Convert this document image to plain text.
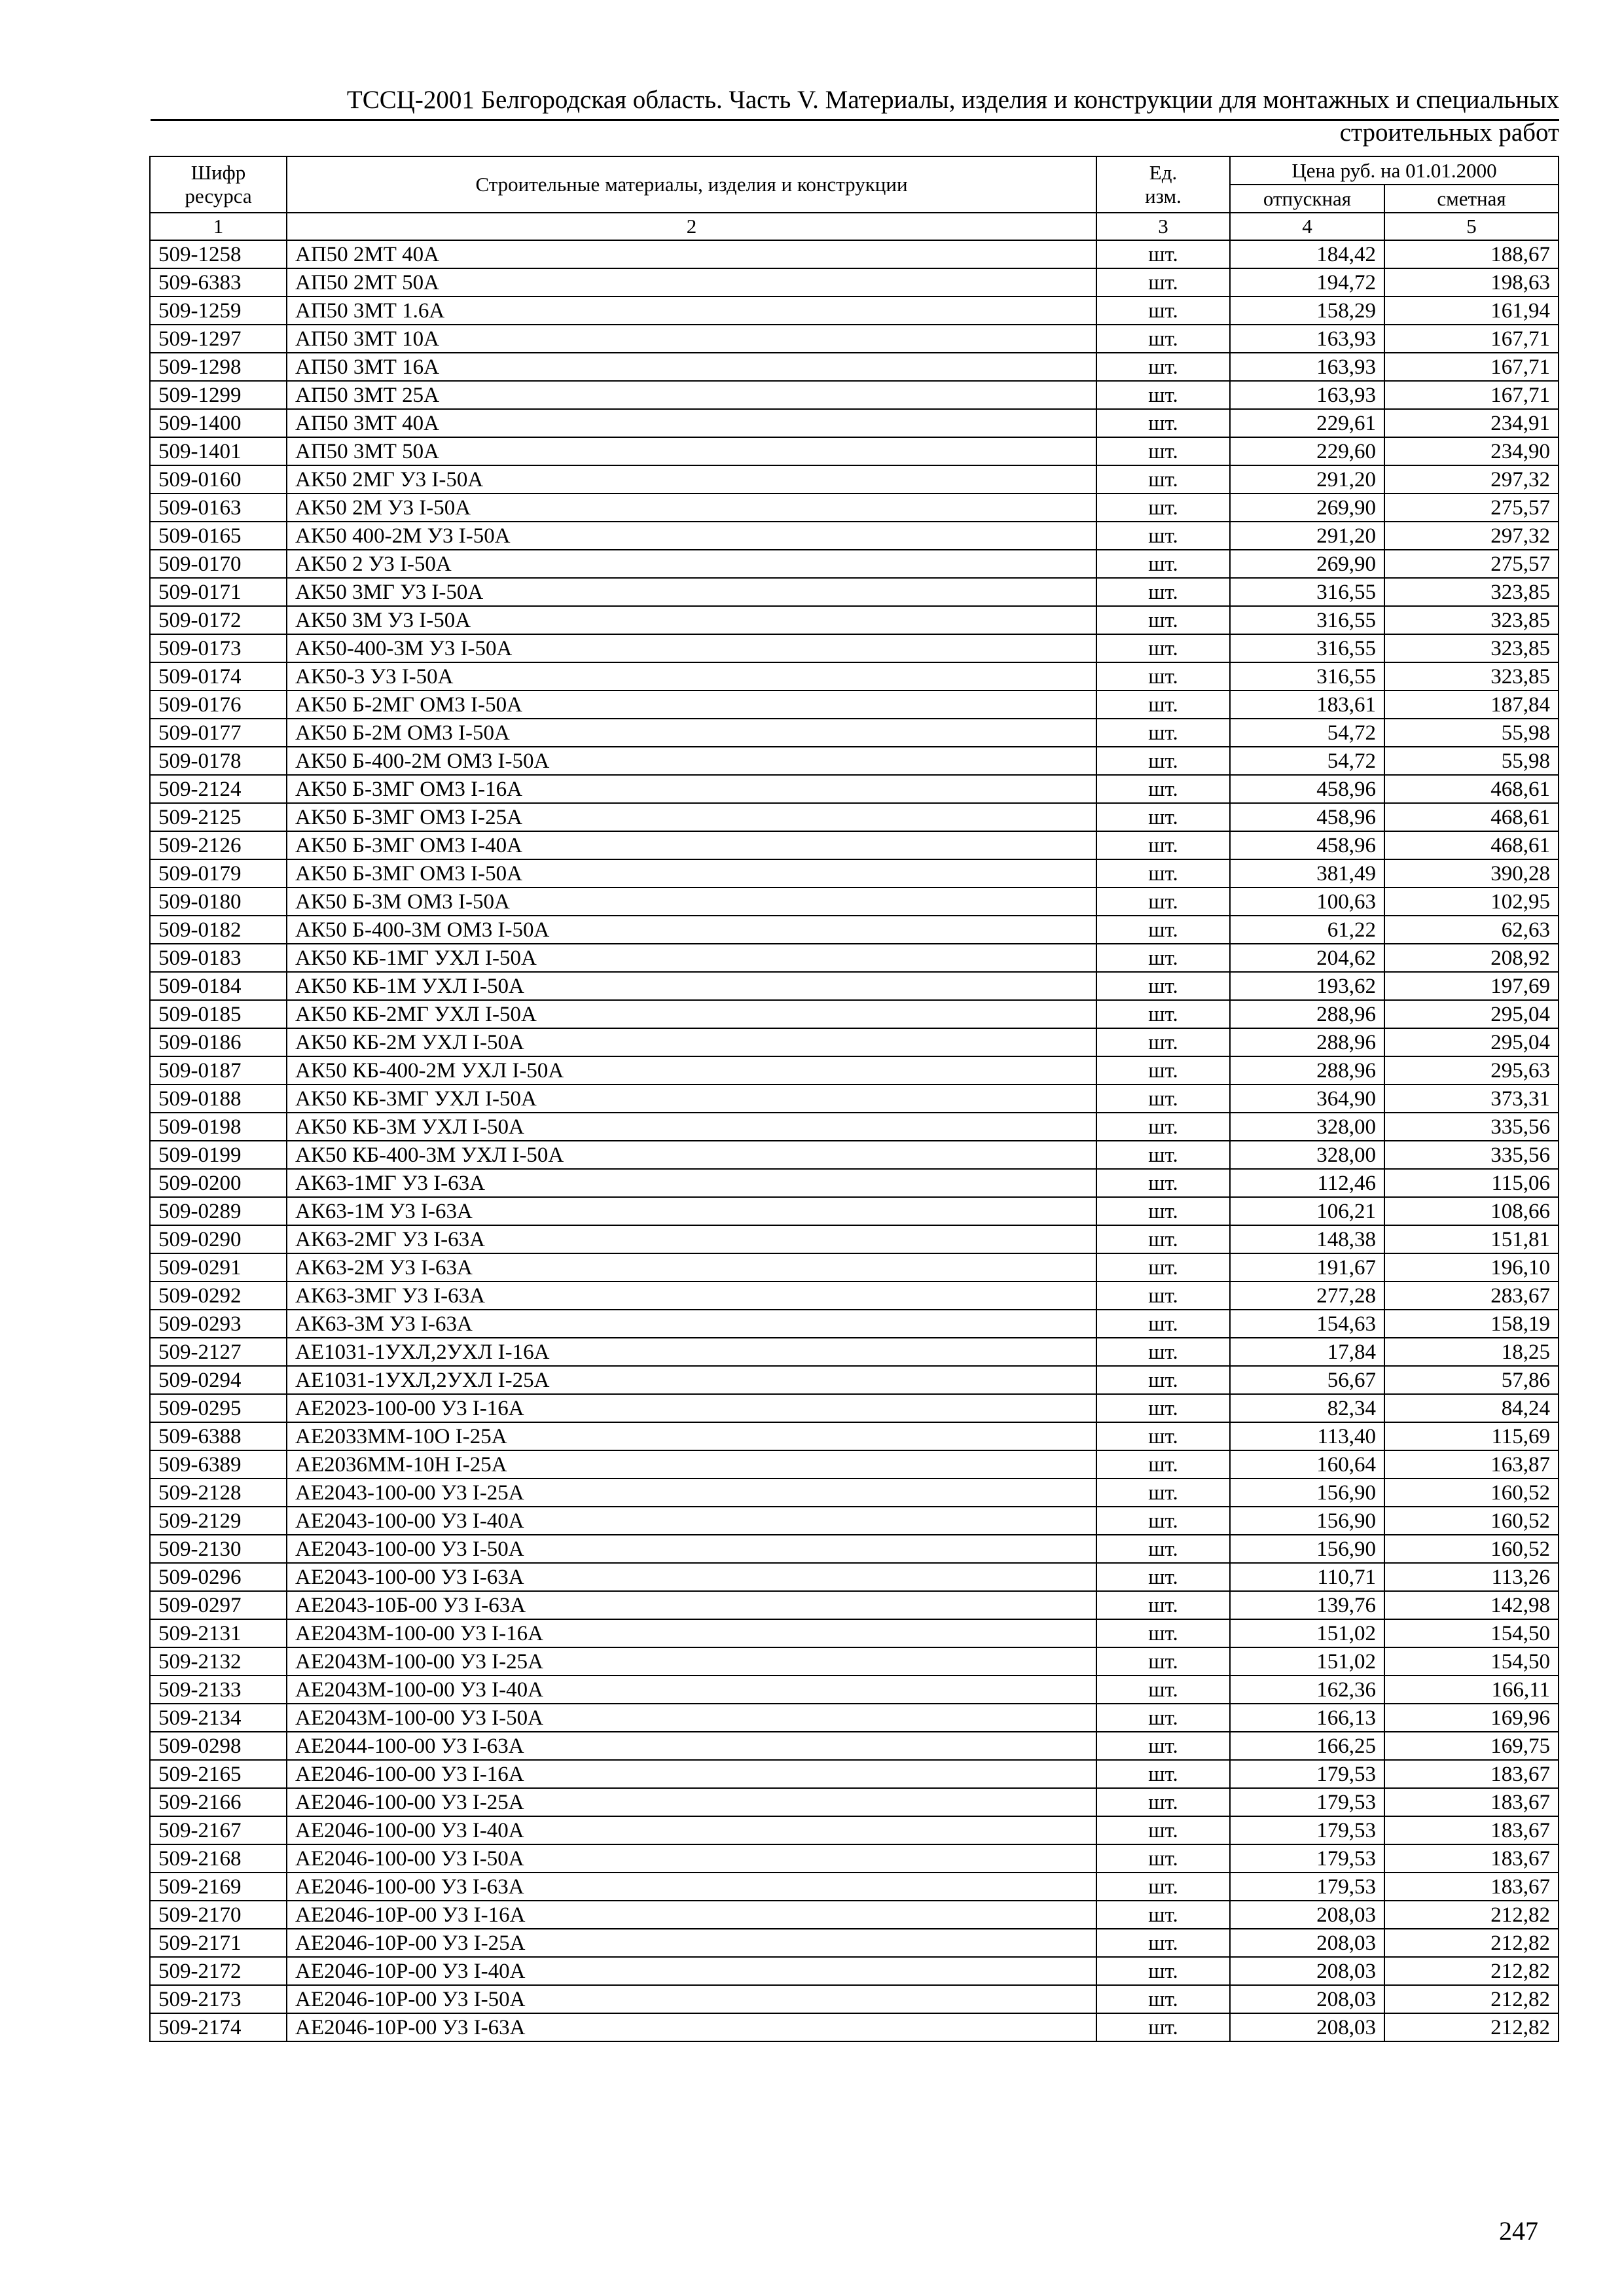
ТССЦ-2001 Белгородская область. Часть V. Материалы, изделия и конструкции для монтажных и специальных
строительных работ
Шифр ресурса	Строительные материалы, изделия и конструкции	Ед. изм.	Цена руб. на 01.01.2000	
			отпускная	сметная
1	2	3	4	5
509-1258	АП50 2МТ 40А	шт.	184,42	188,67
509-6383	АП50 2МТ 50А	шт.	194,72	198,63
509-1259	АП50 3МТ 1.6А	шт.	158,29	161,94
509-1297	АП50 3МТ 10А	шт.	163,93	167,71
509-1298	АП50 3МТ 16А	шт.	163,93	167,71
509-1299	АП50 3МТ 25А	шт.	163,93	167,71
509-1400	АП50 3МТ 40А	шт.	229,61	234,91
509-1401	АП50 3МТ 50А	шт.	229,60	234,90
509-0160	АК50 2МГ У3 I-50А	шт.	291,20	297,32
509-0163	АК50 2М У3 I-50А	шт.	269,90	275,57
509-0165	АК50 400-2М У3 I-50А	шт.	291,20	297,32
509-0170	АК50 2 У3 I-50А	шт.	269,90	275,57
509-0171	АК50 3МГ У3 I-50А	шт.	316,55	323,85
509-0172	АК50 3М У3 I-50А	шт.	316,55	323,85
509-0173	АК50-400-3М У3 I-50А	шт.	316,55	323,85
509-0174	АК50-3 У3 I-50А	шт.	316,55	323,85
509-0176	АК50 Б-2МГ ОМ3 I-50А	шт.	183,61	187,84
509-0177	АК50 Б-2М ОМ3 I-50А	шт.	54,72	55,98
509-0178	АК50 Б-400-2М ОМ3 I-50А	шт.	54,72	55,98
509-2124	АК50 Б-3МГ ОМ3 I-16А	шт.	458,96	468,61
509-2125	АК50 Б-3МГ ОМ3 I-25А	шт.	458,96	468,61
509-2126	АК50 Б-3МГ ОМ3 I-40А	шт.	458,96	468,61
509-0179	АК50 Б-3МГ ОМ3 I-50А	шт.	381,49	390,28
509-0180	АК50 Б-3М ОМ3 I-50А	шт.	100,63	102,95
509-0182	АК50 Б-400-3М ОМ3 I-50А	шт.	61,22	62,63
509-0183	АК50 КБ-1МГ УХЛ I-50А	шт.	204,62	208,92
509-0184	АК50 КБ-1М УХЛ I-50А	шт.	193,62	197,69
509-0185	АК50 КБ-2МГ УХЛ I-50А	шт.	288,96	295,04
509-0186	АК50 КБ-2М УХЛ I-50А	шт.	288,96	295,04
509-0187	АК50 КБ-400-2М УХЛ I-50А	шт.	288,96	295,63
509-0188	АК50 КБ-3МГ УХЛ I-50А	шт.	364,90	373,31
509-0198	АК50 КБ-3М УХЛ I-50А	шт.	328,00	335,56
509-0199	АК50 КБ-400-3М УХЛ I-50А	шт.	328,00	335,56
509-0200	АК63-1МГ У3 I-63А	шт.	112,46	115,06
509-0289	АК63-1М У3 I-63А	шт.	106,21	108,66
509-0290	АК63-2МГ У3 I-63А	шт.	148,38	151,81
509-0291	АК63-2М У3 I-63А	шт.	191,67	196,10
509-0292	АК63-3МГ У3 I-63А	шт.	277,28	283,67
509-0293	АК63-3М У3 I-63А	шт.	154,63	158,19
509-2127	АЕ1031-1УХЛ,2УХЛ I-16А	шт.	17,84	18,25
509-0294	АЕ1031-1УХЛ,2УХЛ I-25А	шт.	56,67	57,86
509-0295	АЕ2023-100-00 У3 I-16А	шт.	82,34	84,24
509-6388	АЕ2033ММ-10О I-25А	шт.	113,40	115,69
509-6389	АЕ2036ММ-10Н I-25А	шт.	160,64	163,87
509-2128	АЕ2043-100-00 У3 I-25А	шт.	156,90	160,52
509-2129	АЕ2043-100-00 У3 I-40А	шт.	156,90	160,52
509-2130	АЕ2043-100-00 У3 I-50А	шт.	156,90	160,52
509-0296	АЕ2043-100-00 У3 I-63А	шт.	110,71	113,26
509-0297	АЕ2043-10Б-00 У3 I-63А	шт.	139,76	142,98
509-2131	АЕ2043М-100-00 У3 I-16А	шт.	151,02	154,50
509-2132	АЕ2043М-100-00 У3 I-25А	шт.	151,02	154,50
509-2133	АЕ2043М-100-00 У3 I-40А	шт.	162,36	166,11
509-2134	АЕ2043М-100-00 У3 I-50А	шт.	166,13	169,96
509-0298	АЕ2044-100-00 У3 I-63А	шт.	166,25	169,75
509-2165	АЕ2046-100-00 У3 I-16А	шт.	179,53	183,67
509-2166	АЕ2046-100-00 У3 I-25А	шт.	179,53	183,67
509-2167	АЕ2046-100-00 У3 I-40А	шт.	179,53	183,67
509-2168	АЕ2046-100-00 У3 I-50А	шт.	179,53	183,67
509-2169	АЕ2046-100-00 У3 I-63А	шт.	179,53	183,67
509-2170	АЕ2046-10Р-00 У3 I-16А	шт.	208,03	212,82
509-2171	АЕ2046-10Р-00 У3 I-25А	шт.	208,03	212,82
509-2172	АЕ2046-10Р-00 У3 I-40А	шт.	208,03	212,82
509-2173	АЕ2046-10Р-00 У3 I-50А	шт.	208,03	212,82
509-2174	АЕ2046-10Р-00 У3 I-63А	шт.	208,03	212,82
247
